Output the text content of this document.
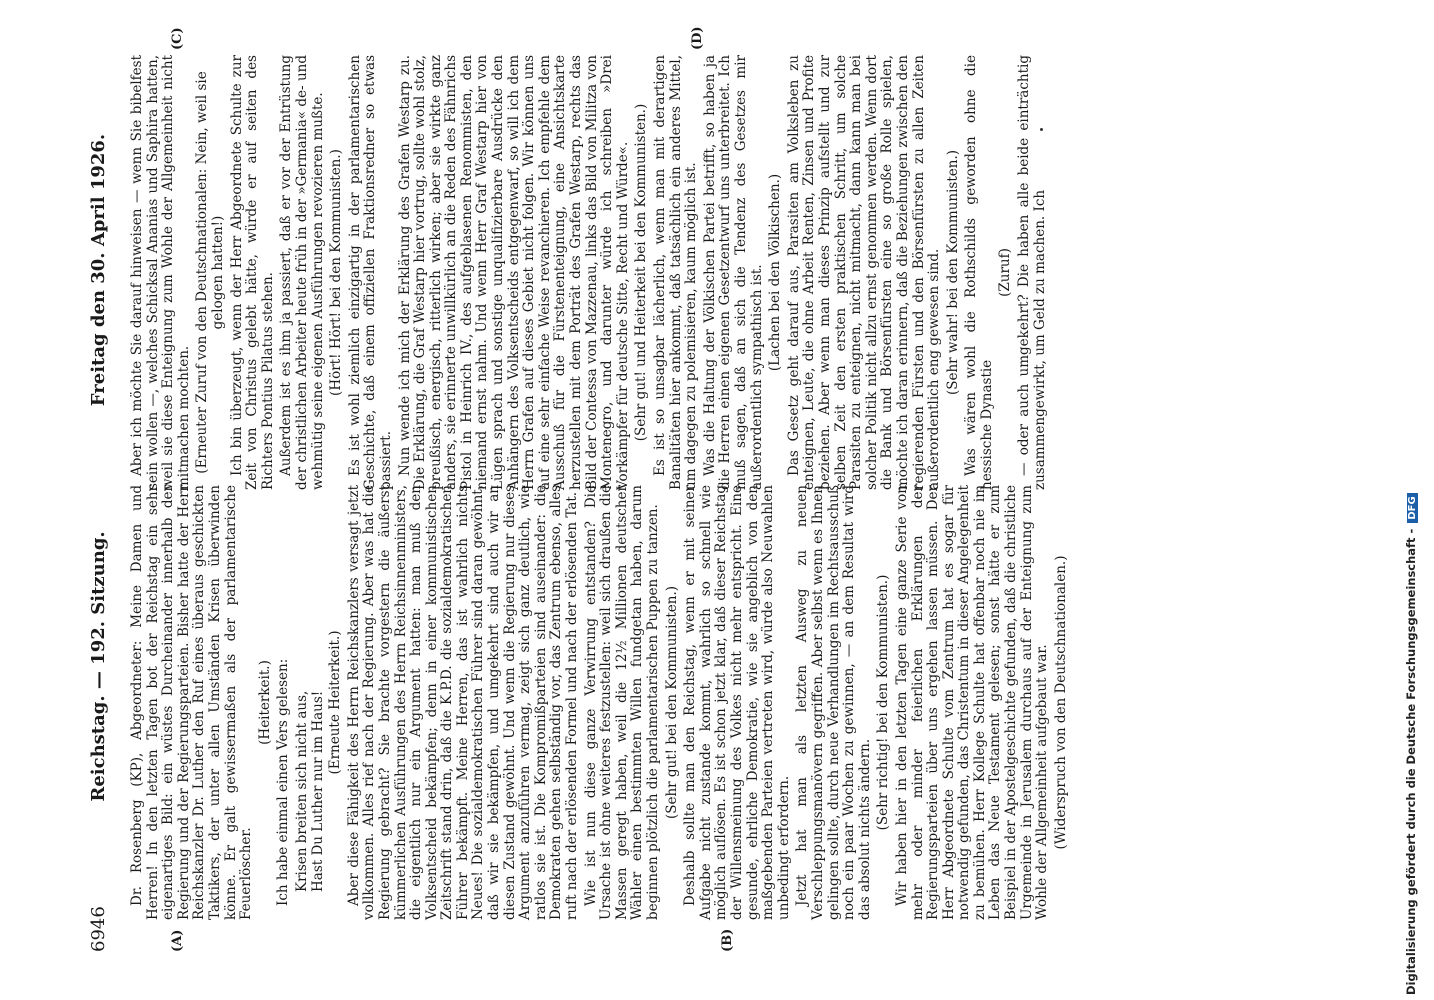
6946  Reichstag. — 192. Sitzung.
Freitag den 30. April 1926.
(A)	(B)
(C)	(D)

Dr. Rosenberg (KP), Abgeordneter: Meine Damen und Herren! In den letzten Tagen bot der Reichstag ein sehr eigenartiges Bild: ein wüstes Durcheinander innerhalb der Regierung und der Regierungsparteien. Bisher hatte der Herr Reichskanzler Dr. Luther den Ruf eines überaus geschickten Taktikers, der unter allen Umständen Krisen überwinden könne. Er galt gewissermaßen als der parlamentarische Feuerlöscher.

(Heiterkeit.) Ich habe einmal einen Vers gelesen: Krisen breiten sich nicht aus, Hast Du Luther nur im Haus! (Erneute Heiterkeit.) Aber diese Fähigkeit des Herrn Reichskanzlers versagt jetzt vollkommen. Alles rief nach der Regierung. Aber was hat die Regierung gebracht? Sie brachte vorgestern die äußerst kümmerlichen Ausführungen des Herrn Reichsinnenministers, die eigentlich nur ein Argument hatten: man muß den Volksentscheid bekämpfen; denn in einer kommunistischen Zeitschrift stand drin, daß die K.P.D. die sozialdemokratischen Führer bekämpft. Meine Herren, das ist wahrlich nichts Neues! Die sozialdemokratischen Führer sind daran gewöhnt, daß wir sie bekämpfen, und umgekehrt sind auch wir an diesen Zustand gewöhnt. Und wenn die Regierung nur dieses Argument anzuführen vermag, zeigt sich ganz deutlich, wie ratlos sie ist. Die Kompromißparteien sind auseinander: die Demokraten gehen selbständig vor, das Zentrum ebenso, alles ruft nach der erlösenden Formel und nach der erlösenden Tat. Wie ist nun diese ganze Verwirrung entstanden? Die Ursache ist ohne weiteres festzustellen: weil sich draußen die Massen geregt haben, weil die 12½ Millionen deutscher Wähler einen bestimmten Willen fundgetan haben, darum beginnen plötzlich die parlamentarischen Puppen zu tanzen. (Sehr gut! bei den Kommunisten.) Deshalb sollte man den Reichstag, wenn er mit seiner Aufgabe nicht zustande kommt, wahrlich so schnell wie möglich auflösen. Es ist schon jetzt klar, daß dieser Reichstag der Willensmeinung des Volkes nicht mehr entspricht. Eine gesunde, ehrliche Demokratie, wie sie angeblich von den maßgebenden Parteien vertreten wird, würde also Neuwahlen unbedingt erfordern. Jetzt hat man als letzten Ausweg zu neuen Verschleppungsmanövern gegriffen. Aber selbst wenn es Ihnen gelingen sollte, durch neue Verhandlungen im Rechtsausschuß noch ein paar Wochen zu gewinnen, — an dem Resultat wird das absolut nichts ändern. (Sehr richtig! bei den Kommunisten.) Wir haben hier in den letzten Tagen eine ganze Serie von mehr oder minder feierlichen Erklärungen der Regierungsparteien über uns ergehen lassen müssen. Der Herr Abgeordnete Schulte vom Zentrum hat es sogar für notwendig gefunden, das Christentum in dieser Angelegenheit zu bemühen. Herr Kollege Schulte hat offenbar noch nie im Leben das Neue Testament gelesen; sonst hätte er zum Beispiel in der Apostelgeschichte gefunden, daß die christliche Urgemeinde in Jerusalem durchaus auf der Enteignung zum Wohle der Allgemeinheit aufgebaut war. (Widerspruch von den Deutschnationalen.)

Aber ich möchte Sie darauf hinweisen — wenn Sie bibelfest sein wollen —, welches Schicksal Ananias und Saphira hatten, weil sie diese Enteignung zum Wohle der Allgemeinheit nicht mitmachen mochten. (Erneuter Zuruf von den Deutschnationalen: Nein, weil sie gelogen hatten!) Ich bin überzeugt, wenn der Herr Abgeordnete Schulte zur Zeit von Christus gelebt hätte, würde er auf seiten des Richters Pontius Pilatus stehen. Außerdem ist es ihm ja passiert, daß er vor der Entrüstung der christlichen Arbeiter heute früh in der »Germania« de- und wehmütig seine eigenen Ausführungen revozieren mußte. (Hört! Hört! bei den Kommunisten.) Es ist wohl ziemlich einzigartig in der parlamentarischen Geschichte, daß einem offiziellen Fraktionsredner so etwas passiert. Nun wende ich mich der Erklärung des Grafen Westarp zu. Die Erklärung, die Graf Westarp hier vortrug, sollte wohl stolz, preußisch, energisch, ritterlich wirken; aber sie wirkte ganz anders, sie erinnerte unwillkürlich an die Reden des Fähnrichs Pistol in Heinrich IV., des aufgeblasenen Renommisten, den niemand ernst nahm. Und wenn Herr Graf Westarp hier von Lügen sprach und sonstige unqualifizierbare Ausdrücke den Anhängern des Volksentscheids entgegenwarf, so will ich dem Herrn Grafen auf dieses Gebiet nicht folgen. Wir können uns auf eine sehr einfache Weise revanchieren. Ich empfehle dem Ausschuß für die Fürstenenteignung, eine Ansichtskarte herzustellen mit dem Porträt des Grafen Westarp, rechts das Bild der Contessa von Mazzenau, links das Bild von Militza von Montenegro, und darunter würde ich schreiben »Drei Vorkämpfer für deutsche Sitte, Recht und Würde«. (Sehr gut! und Heiterkeit bei den Kommunisten.) Es ist so unsagbar lächerlich, wenn man mit derartigen Banalitäten hier ankommt, daß tatsächlich ein anderes Mittel, um dagegen zu polemisieren, kaum möglich ist. Was die Haltung der Völkischen Partei betrifft, so haben ja die Herren einen eigenen Gesetzentwurf uns unterbreitet. Ich muß sagen, daß an sich die Tendenz des Gesetzes mir außerordentlich sympathisch ist. (Lachen bei den Völkischen.) Das Gesetz geht darauf aus, Parasiten am Volksleben zu enteignen, Leute, die ohne Arbeit Renten, Zinsen und Profite beziehen. Aber wenn man dieses Prinzip aufstellt und zur selben Zeit den ersten praktischen Schritt, um solche Parasiten zu enteignen, nicht mitmacht, dann kann man bei solcher Politik nicht allzu ernst genommen werden. Wenn dort die Bank und Börsenfürsten eine so große Rolle spielen, möchte ich daran erinnern, daß die Beziehungen zwischen den regierenden Fürsten und den Börsenfürsten zu allen Zeiten außerordentlich eng gewesen sind. (Sehr wahr! bei den Kommunisten.) Was wären wohl die Rothschilds geworden ohne die hessische Dynastie

(Zuruf) — oder auch umgekehrt? Die haben alle beide einträchtig zusammengewirkt, um Geld zu machen. Ich

Digitalisierung gefördert durch die Deutsche Forschungsgemeinschaft - DFG
